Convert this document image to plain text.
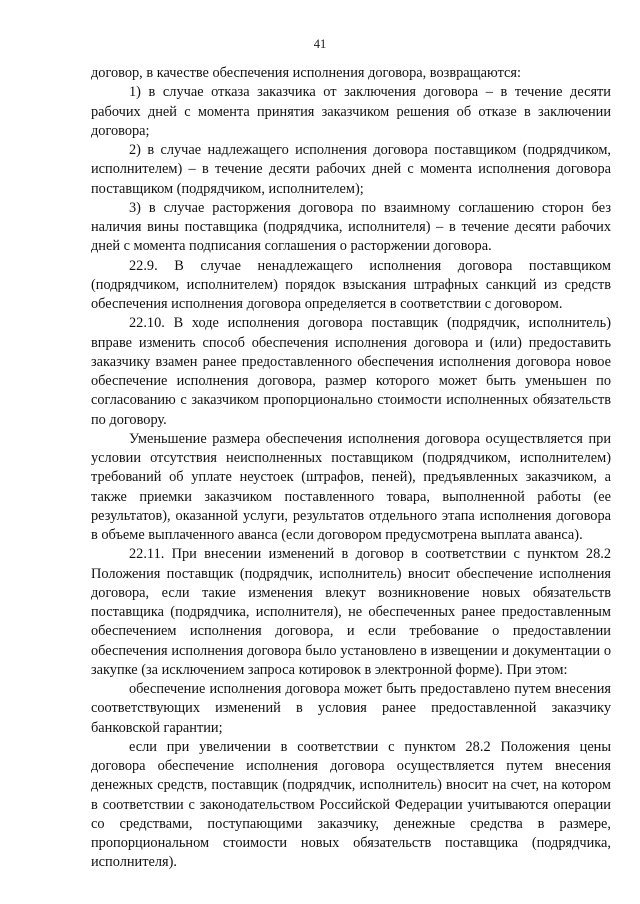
41

договор, в качестве обеспечения исполнения договора, возвращаются:

1) в случае отказа заказчика от заключения договора – в течение десяти рабочих дней с момента принятия заказчиком решения об отказе в заключении договора;

2) в случае надлежащего исполнения договора поставщиком (подрядчиком, исполнителем) – в течение десяти рабочих дней с момента исполнения договора поставщиком (подрядчиком, исполнителем);

3) в случае расторжения договора по взаимному соглашению сторон без наличия вины поставщика (подрядчика, исполнителя) – в течение десяти рабочих дней с момента подписания соглашения о расторжении договора.

22.9. В случае ненадлежащего исполнения договора поставщиком (подрядчиком, исполнителем) порядок взыскания штрафных санкций из средств обеспечения исполнения договора определяется в соответствии с договором.

22.10. В ходе исполнения договора поставщик (подрядчик, исполнитель) вправе изменить способ обеспечения исполнения договора и (или) предоставить заказчику взамен ранее предоставленного обеспечения исполнения договора новое обеспечение исполнения договора, размер которого может быть уменьшен по согласованию с заказчиком пропорционально стоимости исполненных обязательств по договору.

Уменьшение размера обеспечения исполнения договора осуществляется при условии отсутствия неисполненных поставщиком (подрядчиком, исполнителем) требований об уплате неустоек (штрафов, пеней), предъявленных заказчиком, а также приемки заказчиком поставленного товара, выполненной работы (ее результатов), оказанной услуги, результатов отдельного этапа исполнения договора в объеме выплаченного аванса (если договором предусмотрена выплата аванса).

22.11. При внесении изменений в договор в соответствии с пунктом 28.2 Положения поставщик (подрядчик, исполнитель) вносит обеспечение исполнения договора, если такие изменения влекут возникновение новых обязательств поставщика (подрядчика, исполнителя), не обеспеченных ранее предоставленным обеспечением исполнения договора, и если требование о предоставлении обеспечения исполнения договора было установлено в извещении и документации о закупке (за исключением запроса котировок в электронной форме). При этом:

обеспечение исполнения договора может быть предоставлено путем внесения соответствующих изменений в условия ранее предоставленной заказчику банковской гарантии;

если при увеличении в соответствии с пунктом 28.2 Положения цены договора обеспечение исполнения договора осуществляется путем внесения денежных средств, поставщик (подрядчик, исполнитель) вносит на счет, на котором в соответствии с законодательством Российской Федерации учитываются операции со средствами, поступающими заказчику, денежные средства в размере, пропорциональном стоимости новых обязательств поставщика (подрядчика, исполнителя).
